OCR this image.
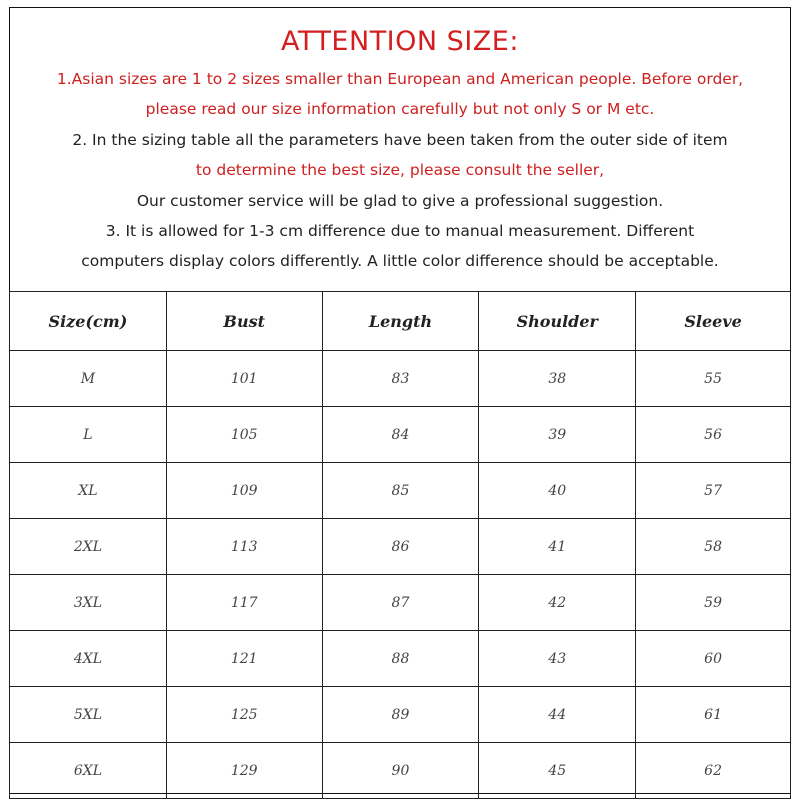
ATTENTION SIZE:
1.Asian sizes are 1 to 2 sizes smaller than European and American people. Before order,
please read our size information carefully but not only S or M etc.
2. In the sizing table all the parameters have been taken from the outer side of item
to determine the best size, please consult the seller,
Our customer service will be glad to give a professional suggestion.
3. It is allowed for 1-3 cm difference due to manual measurement. Different
computers display colors differently. A little color difference should be acceptable.
Size(cm)	Bust	Length	Shoulder	Sleeve
M	101	83	38	55
L	105	84	39	56
XL	109	85	40	57
2XL	113	86	41	58
3XL	117	87	42	59
4XL	121	88	43	60
5XL	125	89	44	61
6XL	129	90	45	62
